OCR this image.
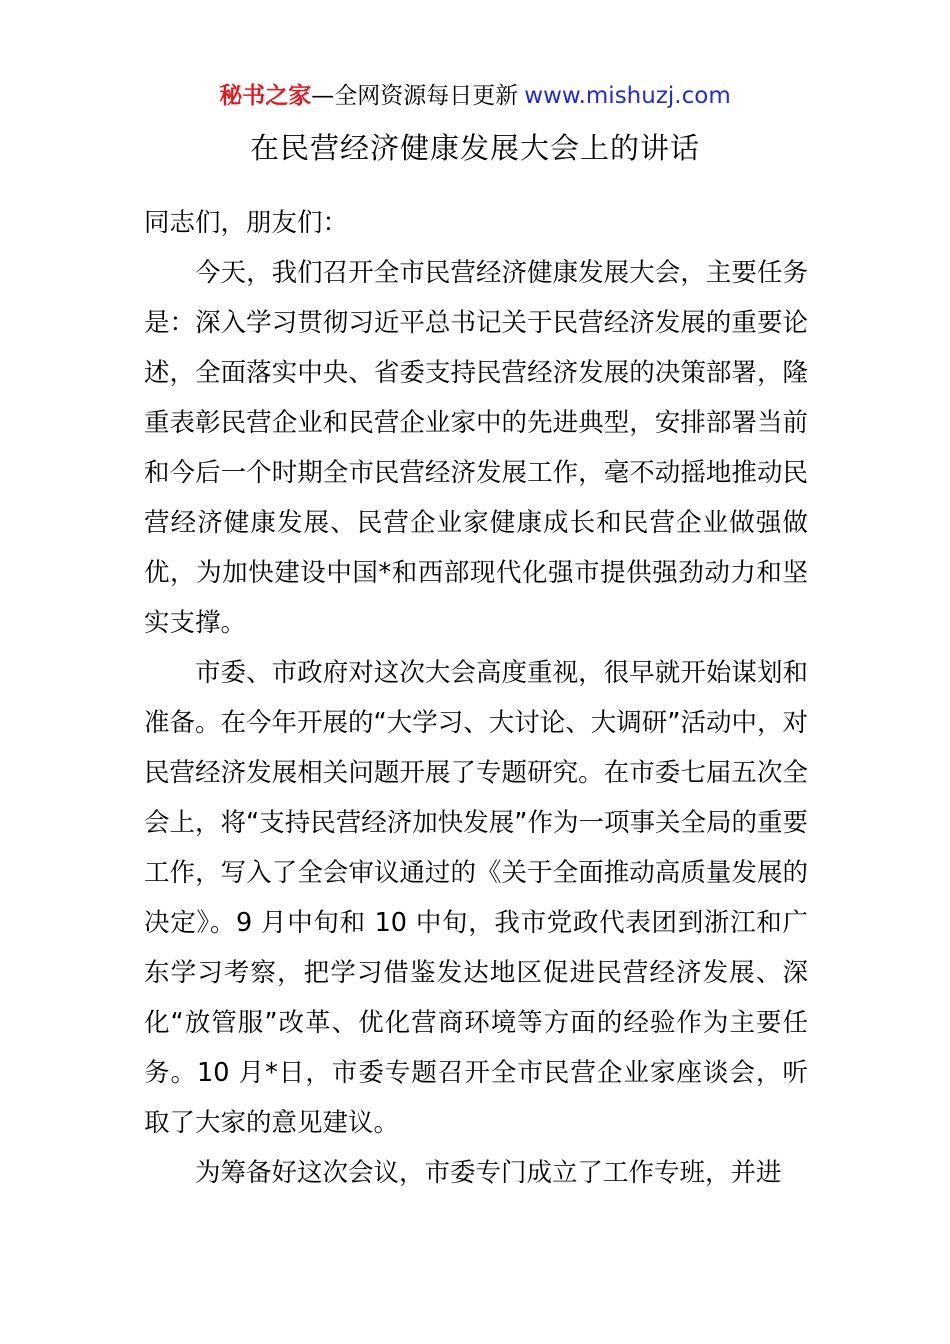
秘书之家—全网资源每日更新 www.mishuzj.com
在民营经济健康发展大会上的讲话

同志们，朋友们：

今天，我们召开全市民营经济健康发展大会，主要任务是：深入学习贯彻习近平总书记关于民营经济发展的重要论述，全面落实中央、省委支持民营经济发展的决策部署，隆重表彰民营企业和民营企业家中的先进典型，安排部署当前和今后一个时期全市民营经济发展工作，毫不动摇地推动民营经济健康发展、民营企业家健康成长和民营企业做强做优，为加快建设中国*和西部现代化强市提供强劲动力和坚实支撑。

市委、市政府对这次大会高度重视，很早就开始谋划和准备。在今年开展的“大学习、大讨论、大调研”活动中，对民营经济发展相关问题开展了专题研究。在市委七届五次全会上，将“支持民营经济加快发展”作为一项事关全局的重要工作，写入了全会审议通过的《关于全面推动高质量发展的决定》。9 月中旬和 10 中旬，我市党政代表团到浙江和广东学习考察，把学习借鉴发达地区促进民营经济发展、深化“放管服”改革、优化营商环境等方面的经验作为主要任务。10 月*日，市委专题召开全市民营企业家座谈会，听取了大家的意见建议。

为筹备好这次会议，市委专门成立了工作专班，并进
